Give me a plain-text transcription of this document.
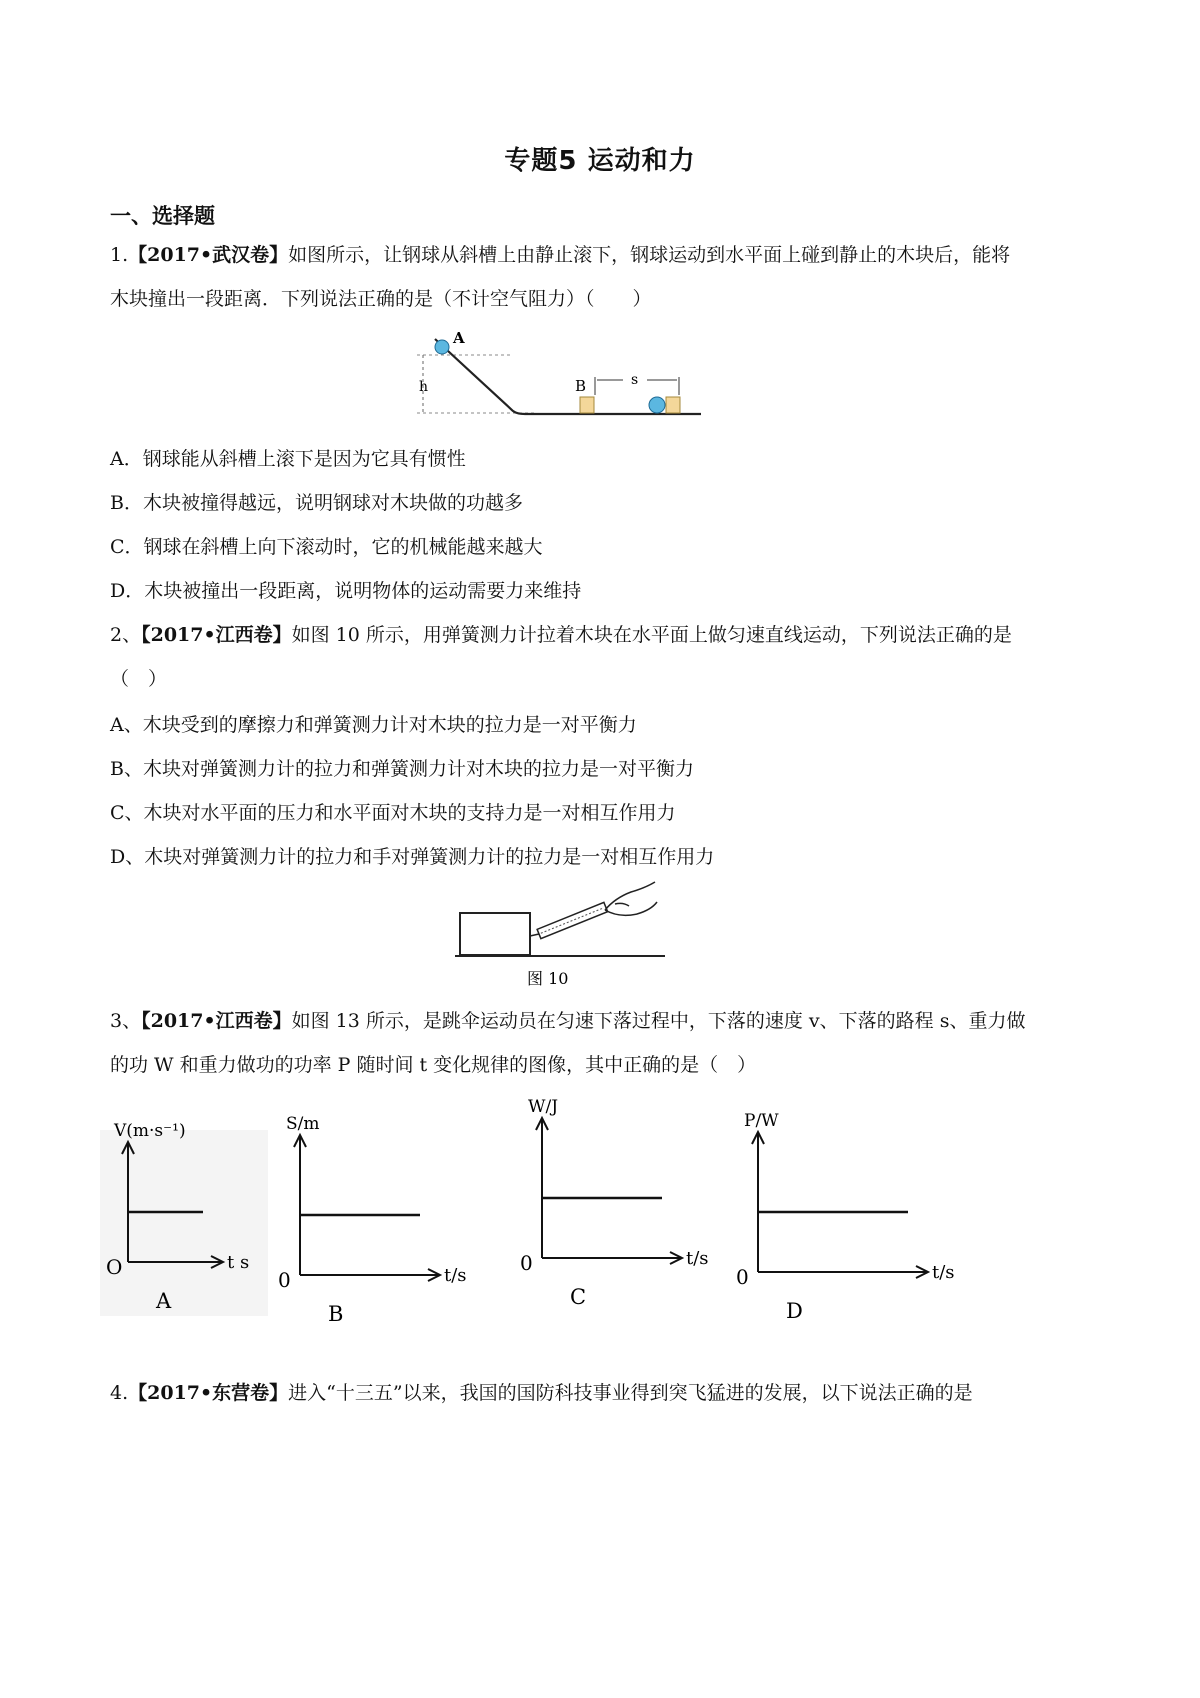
专题5 运动和力
一、选择题
1.【2017•武汉卷】如图所示，让钢球从斜槽上由静止滚下，钢球运动到水平面上碰到静止的木块后，能将
木块撞出一段距离．下列说法正确的是（不计空气阻力）（　　）
h
A
B	s
A．钢球能从斜槽上滚下是因为它具有惯性
B．木块被撞得越远，说明钢球对木块做的功越多
C．钢球在斜槽上向下滚动时，它的机械能越来越大
D．木块被撞出一段距离，说明物体的运动需要力来维持
2、【2017•江西卷】如图 10 所示，用弹簧测力计拉着木块在水平面上做匀速直线运动，下列说法正确的是
（　）
A、木块受到的摩擦力和弹簧测力计对木块的拉力是一对平衡力
B、木块对弹簧测力计的拉力和弹簧测力计对木块的拉力是一对平衡力
C、木块对水平面的压力和水平面对木块的支持力是一对相互作用力
D、木块对弹簧测力计的拉力和手对弹簧测力计的拉力是一对相互作用力
图 10
3、【2017•江西卷】如图 13 所示，是跳伞运动员在匀速下落过程中，下落的速度 v、下落的路程 s、重力做
的功 W 和重力做功的功率 P 随时间 t 变化规律的图像，其中正确的是（　）
V(m·s⁻¹)
t s
O
A
S/m
t/s
0
B
W/J
t/s
0
C
P/W
t/s
0
D
4.【2017•东营卷】进入“十三五”以来，我国的国防科技事业得到突飞猛进的发展，以下说法正确的是
